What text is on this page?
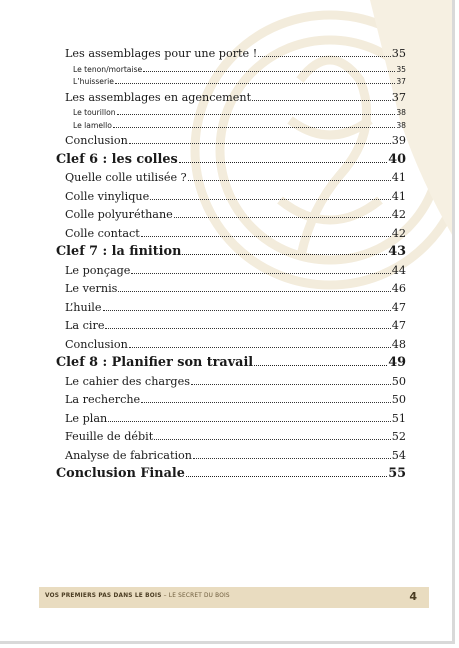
Les assemblages pour une porte !	35
Le tenon/mortaise	35
L’huisserie	37
Les assemblages en agencement	37
Le tourillon	38
Le lamello	38
Conclusion	39
Clef 6 : les colles	40
Quelle colle utilisée ?	41
Colle vinylique	41
Colle polyuréthane	42
Colle contact	42
Clef 7 : la finition	43
Le ponçage	44
Le vernis	46
L’huile	47
La cire	47
Conclusion	48
Clef 8 : Planifier son travail	49
Le cahier des charges	50
La recherche	50
Le plan	51
Feuille de débit	52
Analyse de fabrication	54
Conclusion Finale	55
VOS PREMIERS PAS DANS LE BOIS – LE SECRET DU BOIS	4
